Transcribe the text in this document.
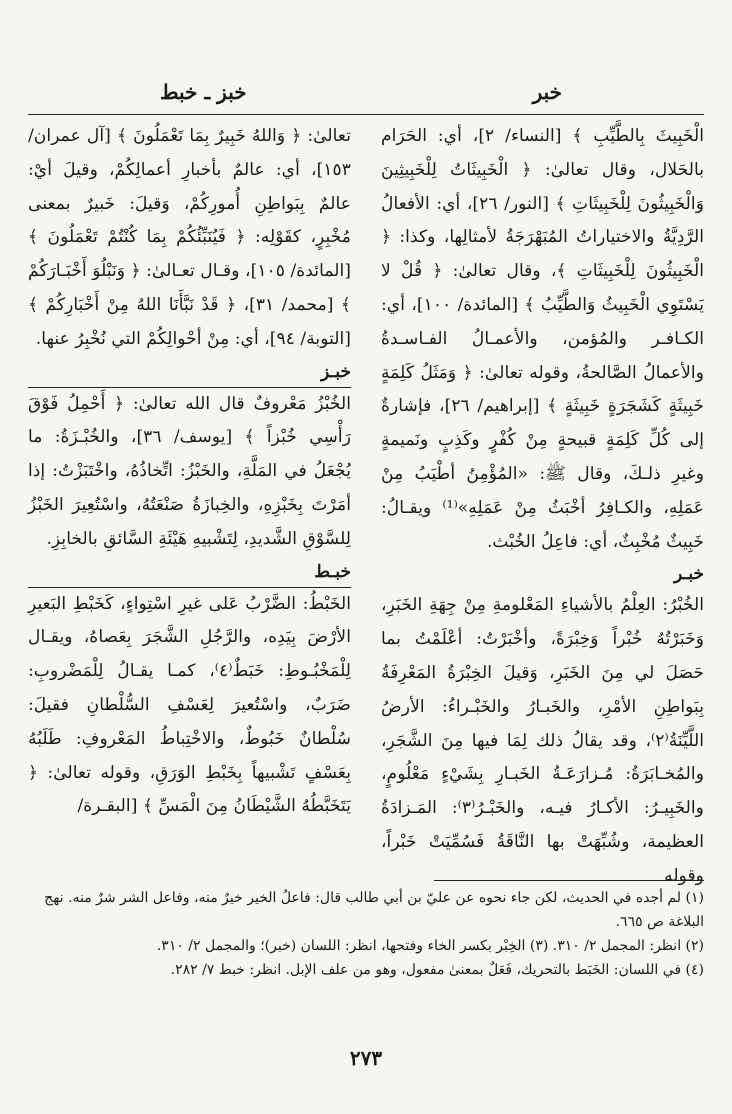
خبر
خبز ـ خبط

الْخَبِيثَ بِالطَّيِّبِ ﴾ [النساء/ ٢]، أي: الحَرَام بالحَلال، وقال تعالىٰ: ﴿ الْخَبِيثَاتُ لِلْخَبِيثِينَ وَالْخَبِيثُونَ لِلْخَبِيثَاتِ ﴾ [النور/ ٢٦]، أي: الأفعالُ الرَّدِيَّةُ والاختياراتُ المُبَهْرَجَةُ لأمثالِها، وكذا: ﴿ الْخَبِيثُونَ لِلْخَبِيثَاتِ ﴾، وقال تعالىٰ: ﴿ قُلْ لا يَسْتَوِي الْخَبِيثُ وَالطَّيِّبُ ﴾ [المائدة/ ١٠٠]، أي: الكـافـر والمُؤمن، والأعمـالُ الفـاسـدةُ والأعمالُ الصَّالحةُ، وقوله تعالىٰ: ﴿ وَمَثَلُ كَلِمَةٍ خَبِيثَةٍ كَشَجَرَةٍ خَبِيثَةٍ ﴾ [إبراهيم/ ٢٦]، فإشارةٌ إلى كُلِّ كَلِمَةٍ قبيحةٍ مِنْ كُفْرٍ وكَذِبٍ ونَميمةٍ وغيرِ ذلـكَ، وقال ﷺ: «المُؤْمِنُ أطْيَبُ مِنْ عَمَلِهِ، والكـافِرُ أخْبَثُ مِنْ عَمَلِهِ»⁽¹⁾ ويقـالُ: خَبِيثٌ مُخْبِثٌ، أي: فاعِلُ الخُبْث.

خبـر

الخُبْرُ: العِلْمُ بالأشياءِ المَعْلومةِ مِنْ جِهَةِ الخَبَرِ، وَخَبَرْتُهُ خُبْراً وَخِبْرَةً، وأخْبَرْتُ: أعْلَمْتُ بما حَصَلَ لي مِنَ الخَبَرِ، وَقيلَ الخِبْرَةُ المَعْرِفَةُ بِبَواطِنِ الأمْرِ، والخَبـارُ والخَبْـراءُ: الأرضُ اللَّيِّنَةُ⁽٢⁾، وقد يقالُ ذلك لِمَا فيها مِنَ الشَّجَرِ، والمُخـابَرَةُ: مُـزارَعَـةُ الخَبـارِ بِشَيْءٍ مَعْلُومٍ، والخَبِيـرُ: الأكـارُ فيـه، والخَبْـرُ⁽٣⁾: المَـزادَةُ العظيمة، وشُبِّهَتْ بها النَّاقَةُ فَسُمِّيَتْ خَبْراً، وقوله

تعالىٰ: ﴿ وَاللهُ خَبِيرٌ بِمَا تَعْمَلُونَ ﴾ [آل عمران/ ١٥٣]، أي: عالمٌ بأخبارِ أعمالِكُمْ، وقيلَ أيْ: عالمٌ بِبَواطِنِ أُمورِكُمْ، وَقيلَ: خَبيرٌ بمعنى مُخْبِرٍ، كقَوْلِه: ﴿ فَيُنَبِّئُكُمْ بِمَا كُنْتُمْ تَعْمَلُونَ ﴾ [المائدة/ ١٠٥]، وقـال تعـالىٰ: ﴿ وَنَبْلُوَ أَخْبَـارَكُمْ ﴾ [محمد/ ٣١]، ﴿ قَدْ نَبَّأَنَا اللهُ مِنْ أَخْبَارِكُمْ ﴾ [التوبة/ ٩٤]، أي: مِنْ أحْوالِكُمْ التي نُخْبِرُ عنها.

خبـز

الخُبْزُ مَعْروفٌ قال الله تعالىٰ: ﴿ أَحْمِلُ فَوْقَ رَأْسِي خُبْزاً ﴾ [يوسف/ ٣٦]، والخُبْـزَةُ: ما يُجْعَلُ في المَلَّةِ، والخَبْزُ: اتِّخاذُهُ، واخْتَبَزْتُ: إذا أمَرْتَ بِخَبْزِهِ، والخِبازَةُ صَنْعَتُهُ، واسْتُعِيرَ الخَبْزُ لِلسَّوْقِ الشَّديدِ، لِتَشْبيهِ هَيْئَةِ السَّائقِ بالخابِزِ.

خبـط

الخَبْطُ: الضَّرْبُ عَلى غيرِ اسْتِواءٍ، كَخَبْطِ البَعيرِ الأرْضَ بِيَدِه، والرَّجُلِ الشَّجَرَ بِعَصاهُ، ويقـال لِلْمَخْبُـوطِ: خَبَطٌ⁽٤⁾، كمـا يقـالُ لِلْمَضْروبِ: ضَرَبٌ، واسْتُعيرَ لِعَسْفِ السُّلْطانِ فقيلَ: سُلْطانٌ خَبُوطٌ، والاخْتِباطُ المَعْروفِ: طَلَبُهُ بِعَسْفٍ تَشْبيهاً بِخَبْطِ الوَرَقِ، وقوله تعالىٰ: ﴿ يَتَخَبَّطُهُ الشَّيْطَانُ مِنَ الْمَسِّ ﴾ [البقـرة/

(١) لم أجده في الحديث، لكن جاء نحوه عن عليّ بن أبي طالب قال: فاعلُ الخير خيرٌ منه، وفاعل الشر شرٌ منه. نهج البلاغة ص ٦٦٥.
(٢) انظر: المجمل ٢/ ٣١٠. (٣) الخِبْر بكسر الخاء وفتحها، انظر: اللسان (خبر)؛ والمجمل ٢/ ٣١٠.
(٤) في اللسان: الخَبَط بالتحريك، فَعَلٌ بمعنىٰ مفعول، وهو من علف الإبل. انظر: خبط ٧/ ٢٨٢.
٢٧٣
